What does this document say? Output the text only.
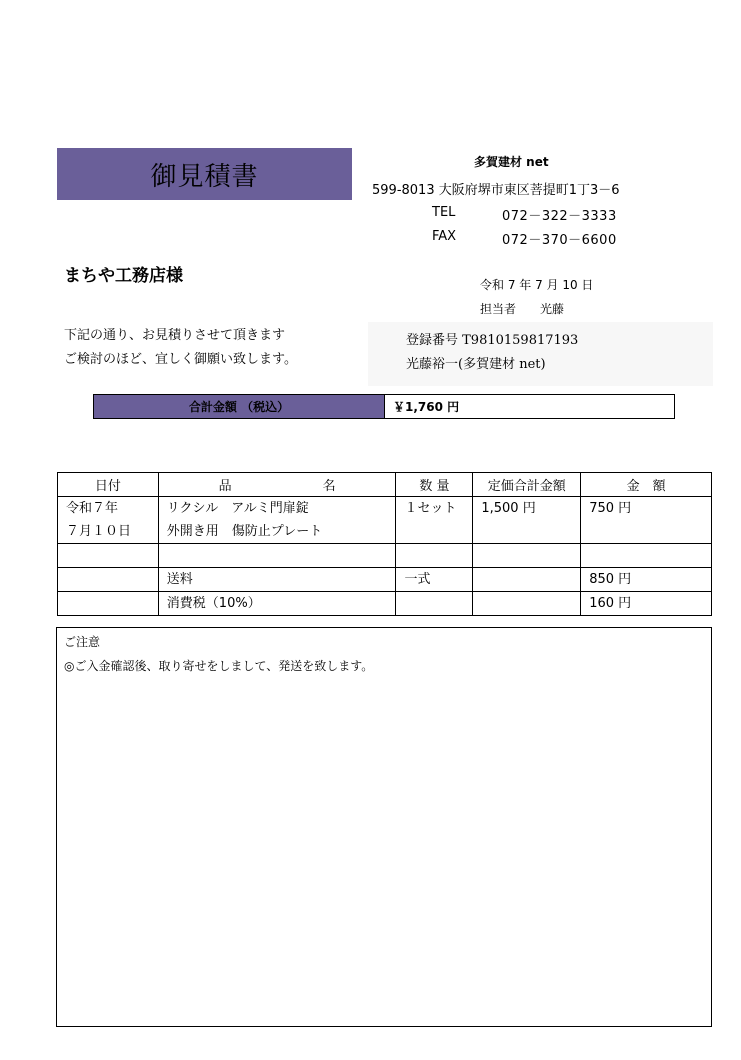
御見積書	多賀建材 net
599-8013 大阪府堺市東区菩提町1丁3－6
TEL	072－322－3333
FAX	072－370－6600
まちや工務店様	令和 7 年 7 月 10 日
担当者　　光藤
下記の通り、お見積りさせて頂きます
ご検討のほど、宜しく御願い致します。
登録番号 T9810159817193
光藤裕一(多賀建材 net)
合計金額 （税込）	￥1,760 円
日付	品　　　　　　　名	数 量	定価合計金額	金　額
令和７年	リクシル　アルミ門扉錠	１セット	1,500 円	750 円
７月１０日	外開き用　傷防止プレート			

	送料	一式		850 円
	消費税（10%）			160 円
ご注意
◎ご入金確認後、取り寄せをしまして、発送を致します。
